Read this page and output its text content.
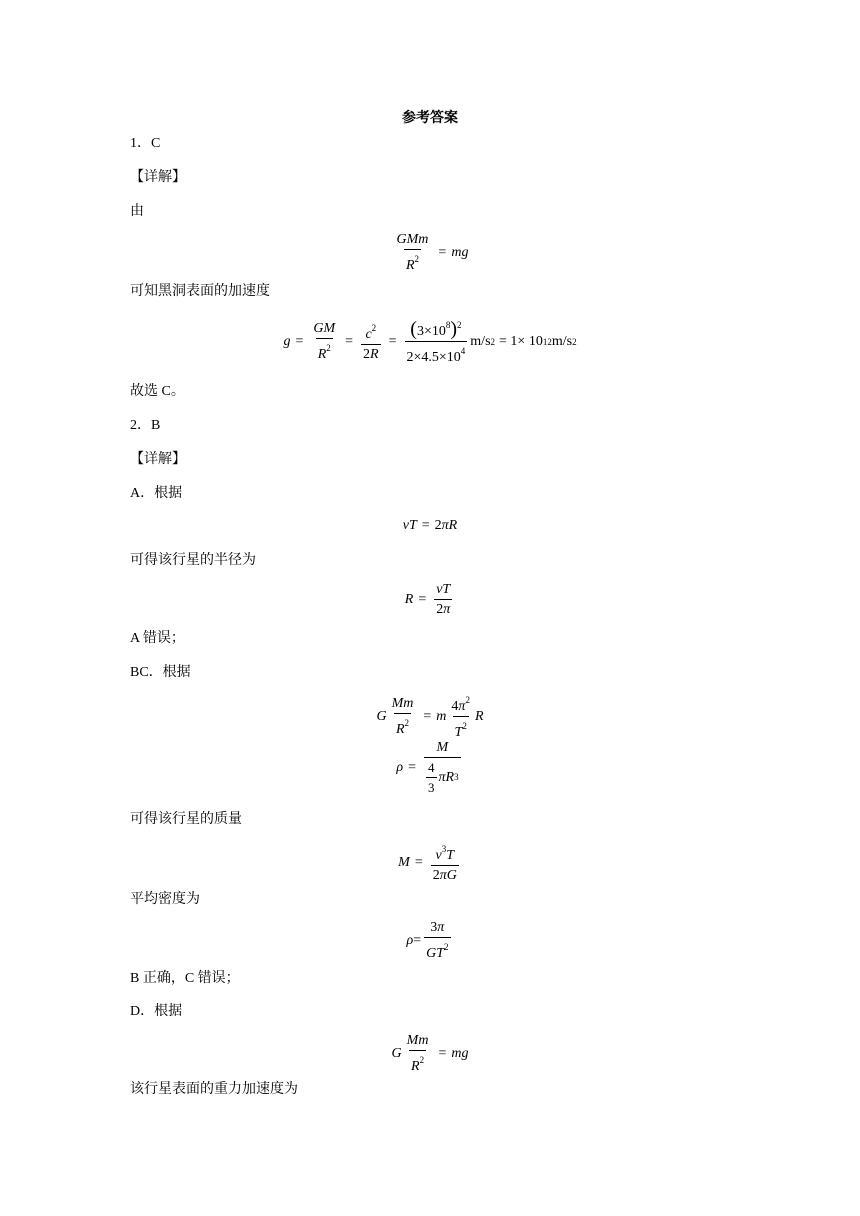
参考答案
1．C
【详解】
由
$\frac{\text{GMm}}{R^2}$ = mg
可知黑洞表面的加速度
$g = \frac{GM}{R^2} = \frac{c^2}{2R} = \frac{(3\times 10^8)^2}{2\times 4.5\times 10^4} m/s$ 2 = 1× 10 12 m/s 2
故选 C。
2．B
【详解】
A．根据
vT = 2 π R
可得该行星的半径为
$R = \frac{vT}{2\pi}$
A 错误；
BC．根据
G $\frac{Mm}{R^2} = m \frac{4\pi^2}{T^2}$ R
$\rho = \frac{M}{\frac{4}{3} \pi R 3}$
可得该行星的质量
$M = \frac{v^3T}{2\pi G}$
平均密度为
$\rho = \frac{3\pi}{GT^2}$
B 正确，C 错误；
D．根据
G $\frac{Mm}{R^2}$ = mg
该行星表面的重力加速度为
